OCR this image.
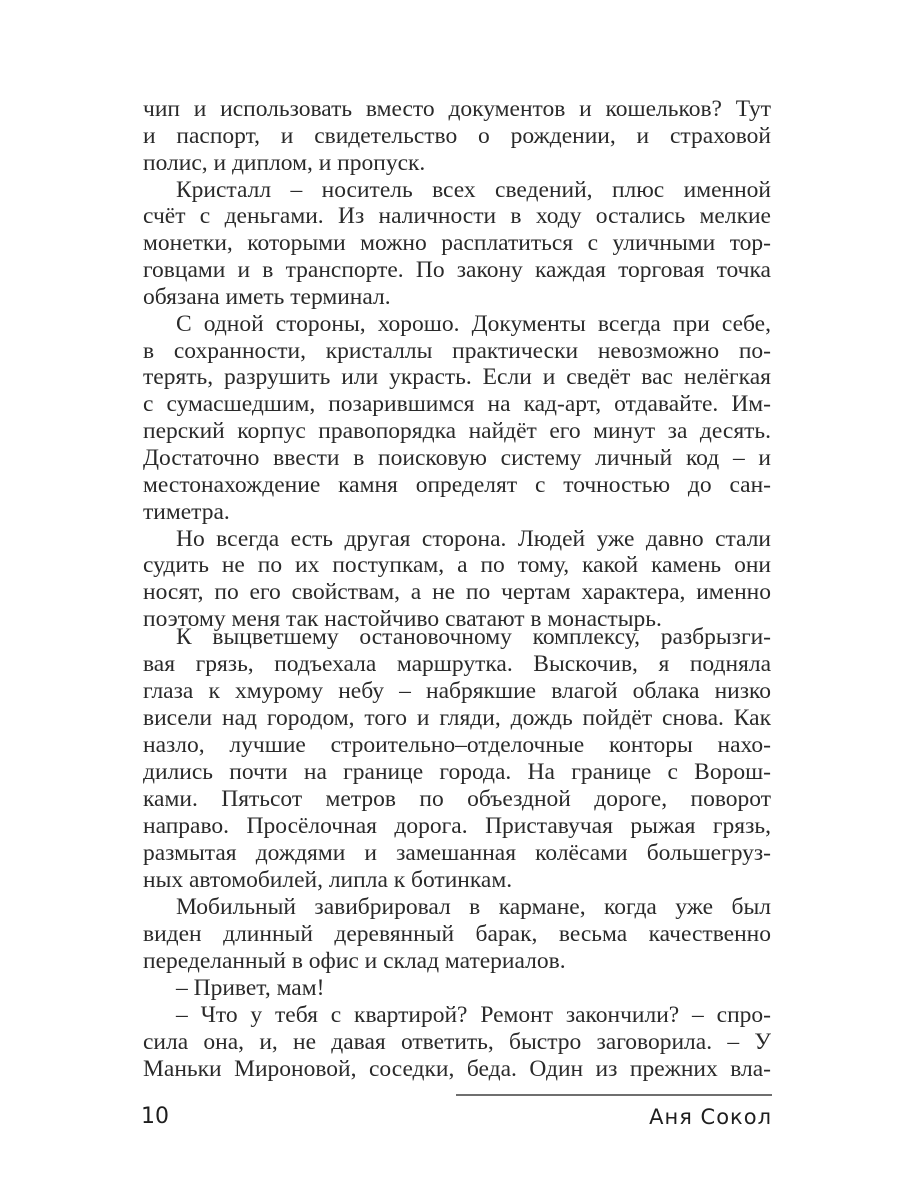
чип и использовать вместо документов и кошельков? Тут
и паспорт, и свидетельство о рождении, и страховой
полис, и диплом, и пропуск.
Кристалл – носитель всех сведений, плюс именной
счёт с деньгами. Из наличности в ходу остались мелкие
монетки, которыми можно расплатиться с уличными тор-
говцами и в транспорте. По закону каждая торговая точка
обязана иметь терминал.
С одной стороны, хорошо. Документы всегда при себе,
в сохранности, кристаллы практически невозможно по-
терять, разрушить или украсть. Если и сведёт вас нелёгкая
с сумасшедшим, позарившимся на кад-арт, отдавайте. Им-
перский корпус правопорядка найдёт его минут за десять.
Достаточно ввести в поисковую систему личный код – и
местонахождение камня определят с точностью до сан-
тиметра.
Но всегда есть другая сторона. Людей уже давно стали
судить не по их поступкам, а по тому, какой камень они
носят, по его свойствам, а не по чертам характера, именно
поэтому меня так настойчиво сватают в монастырь.
К выцветшему остановочному комплексу, разбрызги-
вая грязь, подъехала маршрутка. Выскочив, я подняла
глаза к хмурому небу – набрякшие влагой облака низко
висели над городом, того и гляди, дождь пойдёт снова. Как
назло, лучшие строительно–отделочные конторы нахо-
дились почти на границе города. На границе с Ворош-
ками. Пятьсот метров по объездной дороге, поворот
направо. Просёлочная дорога. Приставучая рыжая грязь,
размытая дождями и замешанная колёсами большегруз-
ных автомобилей, липла к ботинкам.
Мобильный завибрировал в кармане, когда уже был
виден длинный деревянный барак, весьма качественно
переделанный в офис и склад материалов.
– Привет, мам!
– Что у тебя с квартирой? Ремонт закончили? – спро-
сила она, и, не давая ответить, быстро заговорила. – У
Маньки Мироновой, соседки, беда. Один из прежних вла-
10	Аня Сокол
